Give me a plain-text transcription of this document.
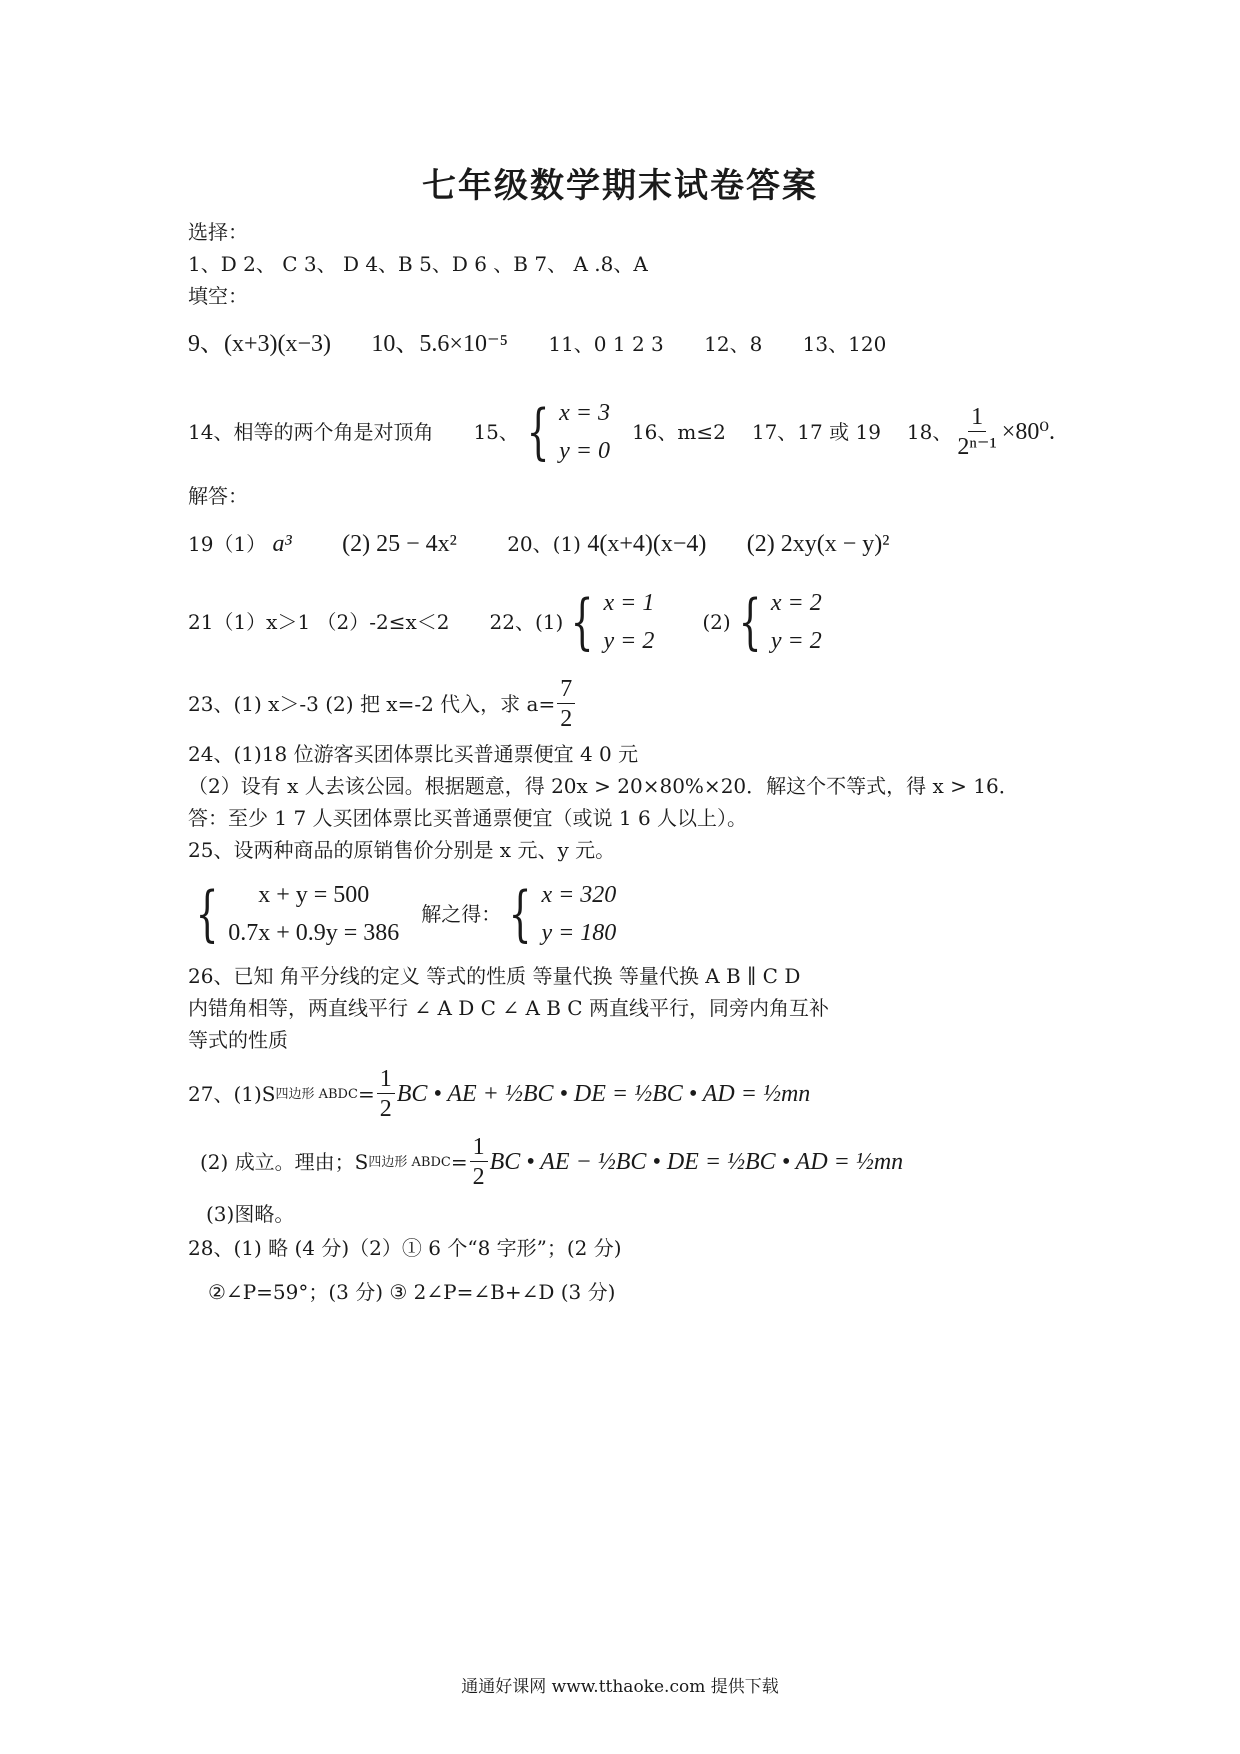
七年级数学期末试卷答案
选择：
1、D 2、 C 3、 D 4、B 5、D 6 、B 7、 A .8、A
填空：
9、(x+3)(x−3) 10、5.6×10⁻⁵ 11、0 1 2 3 12、8 13、120
14、相等的两个角是对顶角 15、 { x = 3
y = 0
16、m≤2 17、17 或 19 18、 $\frac{1}{\text{2ⁿ⁻¹}} \times 80^0$.
解答：
19（1） a³ (2) 25 − 4x²	20、(1) 4(x+4)(x−4) (2) 2xy(x − y)²
21（1）x＞1 （2）-2≤x＜2 22、(1) { x = 1
y = 2
(2) { x = 2
y = 2
23、(1) x＞-3 (2) 把 x=-2 代入，求 $a= \frac{7}{2}$
24、(1)18 位游客买团体票比买普通票便宜 4 0 元
（2）设有 x 人去该公园。根据题意，得 20x > 20×80%×20．解这个不等式，得 x > 16．
答：至少 1 7 人买团体票比买普通票便宜（或说 1 6 人以上）。
25、设两种商品的原销售价分别是 x 元、y 元。
{	x + y = 500
0.7x + 0.9y = 386
解之得： { x = 320
y = 180
26、已知 角平分线的定义 等式的性质 等量代换 等量代换 A B ∥ C D
内错角相等，两直线平行 ∠ A D C ∠ A B C 两直线平行，同旁内角互补
等式的性质
27、(1)S 四边形 ABDC = $\frac{1}{2}$ BC • AE + ½BC • DE = ½BC • AD = ½mn
(2) 成立。理由；S 四边形 ABDC = $\frac{1}{2}$ BC • AE − ½BC • DE = ½BC • AD = ½mn
(3)图略。
28、(1) 略 (4 分)（2）① 6 个“8 字形”；(2 分)
②∠P=59°；(3 分) ③ 2∠P=∠B+∠D (3 分)
通通好课网 www.tthaoke.com 提供下载
